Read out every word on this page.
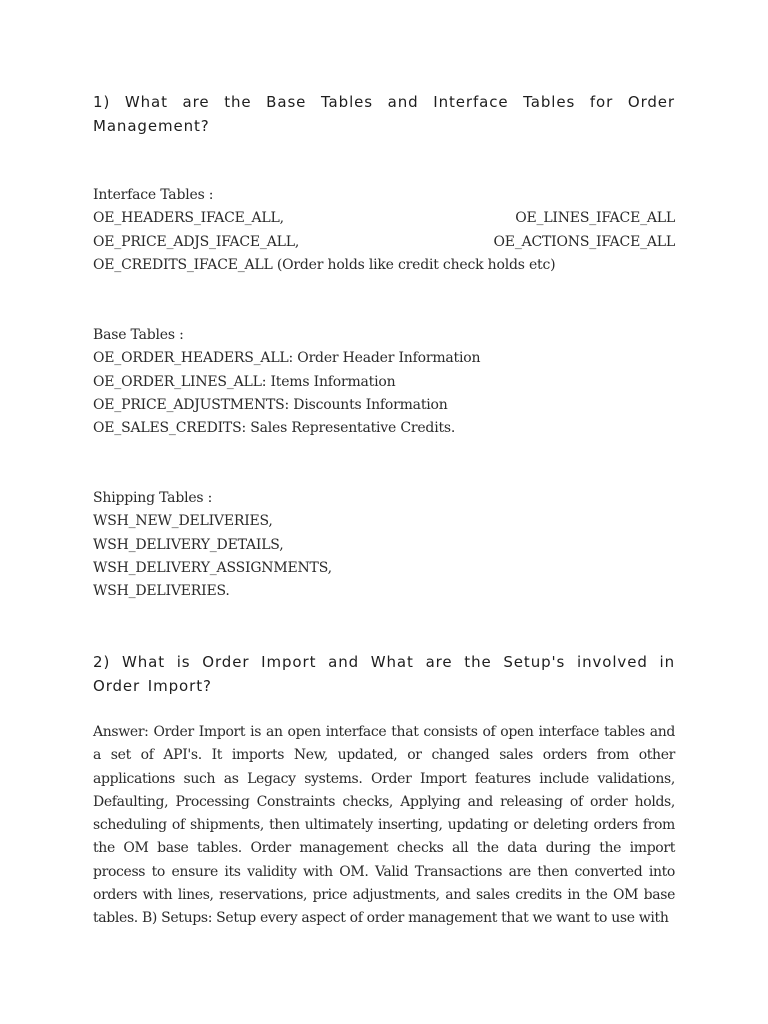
1) What are the Base Tables and Interface Tables for Order Management?

Interface Tables :
OE_HEADERS_IFACE_ALL,	OE_LINES_IFACE_ALL
OE_PRICE_ADJS_IFACE_ALL,	OE_ACTIONS_IFACE_ALL
OE_CREDITS_IFACE_ALL (Order holds like credit check holds etc)
Base Tables :
OE_ORDER_HEADERS_ALL: Order Header Information
OE_ORDER_LINES_ALL: Items Information
OE_PRICE_ADJUSTMENTS: Discounts Information
OE_SALES_CREDITS: Sales Representative Credits.
Shipping Tables :
WSH_NEW_DELIVERIES,
WSH_DELIVERY_DETAILS,
WSH_DELIVERY_ASSIGNMENTS,
WSH_DELIVERIES.

2) What is Order Import and What are the Setup's involved in Order Import?

Answer: Order Import is an open interface that consists of open interface tables and a set of API's. It imports New, updated, or changed sales orders from other applications such as Legacy systems. Order Import features include validations, Defaulting, Processing Constraints checks, Applying and releasing of order holds, scheduling of shipments, then ultimately inserting, updating or deleting orders from the OM base tables. Order management checks all the data during the import process to ensure its validity with OM. Valid Transactions are then converted into orders with lines, reservations, price adjustments, and sales credits in the OM base tables. B) Setups: Setup every aspect of order management that we want to use with
